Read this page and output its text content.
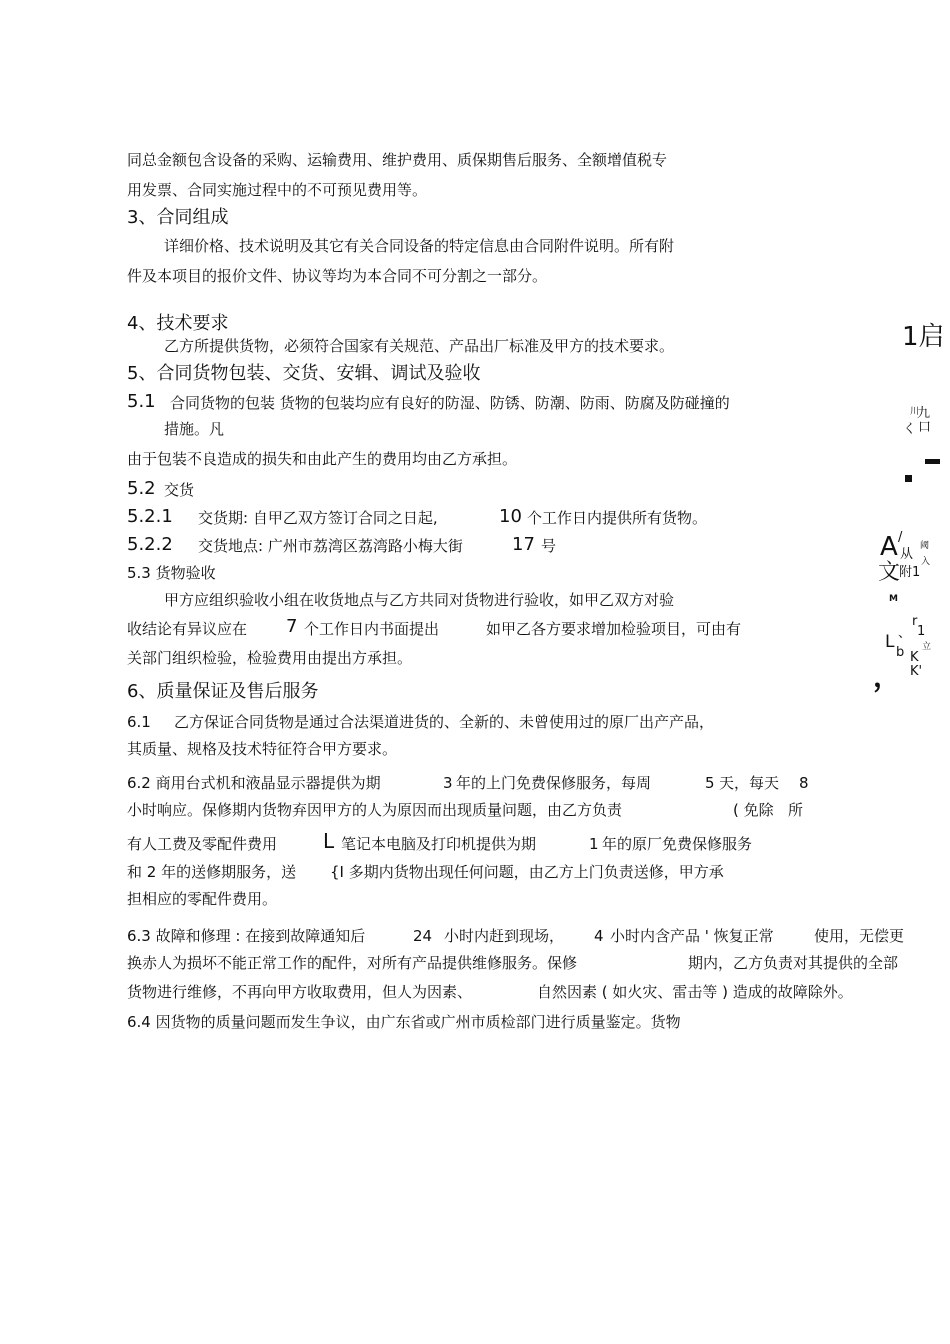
同总金额包含设备的采购、运输费用、维护费用、质保期售后服务、全额增值税专
用发票、合同实施过程中的不可预见费用等。
3、合同组成
详细价格、技术说明及其它有关合同设备的特定信息由合同附件说明。所有附
件及本项目的报价文件、协议等均为本合同不可分割之一部分。
4、技术要求
乙方所提供货物，必须符合国家有关规范、产品出厂标准及甲方的技术要求。
5、合同货物包装、交货、安辑、调试及验收
5.1 合同货物的包装 货物的包装均应有良好的防湿、防锈、防潮、防雨、防腐及防碰撞的
措施。凡
由于包装不良造成的损失和由此产生的费用均由乙方承担。
5.2 交货
5.2.1 交货期: 自甲乙双方签订合同之日起,	10 个工作日内提供所有货物。
5.2.2 交货地点: 广州市荔湾区荔湾路小梅大街	17 号
5.3 货物验收
甲方应组织验收小组在收货地点与乙方共同对货物进行验收，如甲乙双方对验
收结论有异议应在 7 个工作日内书面提出	如甲乙各方要求增加检验项目，可由有
关部门组织检验，检验费用由提出方承担。
6、质量保证及售后服务
6.1 乙方保证合同货物是通过合法渠道进货的、全新的、未曾使用过的原厂出产产品，
其质量、规格及技术特征符合甲方要求。
6.2 商用台式机和液晶显示器提供为期	3 年的上门免费保修服务，每周	5 天，每天 8
小时响应。保修期内货物弃因甲方的人为原因而出现质量问题，由乙方负责	( 免除 所
有人工费及零配件费用 L 笔记本电脑及打印机提供为期	1 年的原厂免费保修服务
和 2 年的送修期服务，送 {I 多期内货物出现任何问题，由乙方上门负责送修，甲方承
担相应的零配件费用。
6.3 故障和修理 : 在接到故障通知后	24 小时内赶到现场， 4 小时内含产品 ' 恢复正常	使用，无偿更
换赤人为损坏不能正常工作的配件，对所有产品提供维修服务。保修	期内，乙方负责对其提供的全部
货物进行维修，不再向甲方收取费用，但人为因素、	自然因素 ( 如火灾、雷击等 ) 造成的故障除外。
6.4 因货物的质量问题而发生争议，由广东省或广州市质检部门进行质量鉴定。货物
1启
川
九
く 口
/
阈
A 从 入
文
附1
M
r
、 1
立
L
b K
K'
，
